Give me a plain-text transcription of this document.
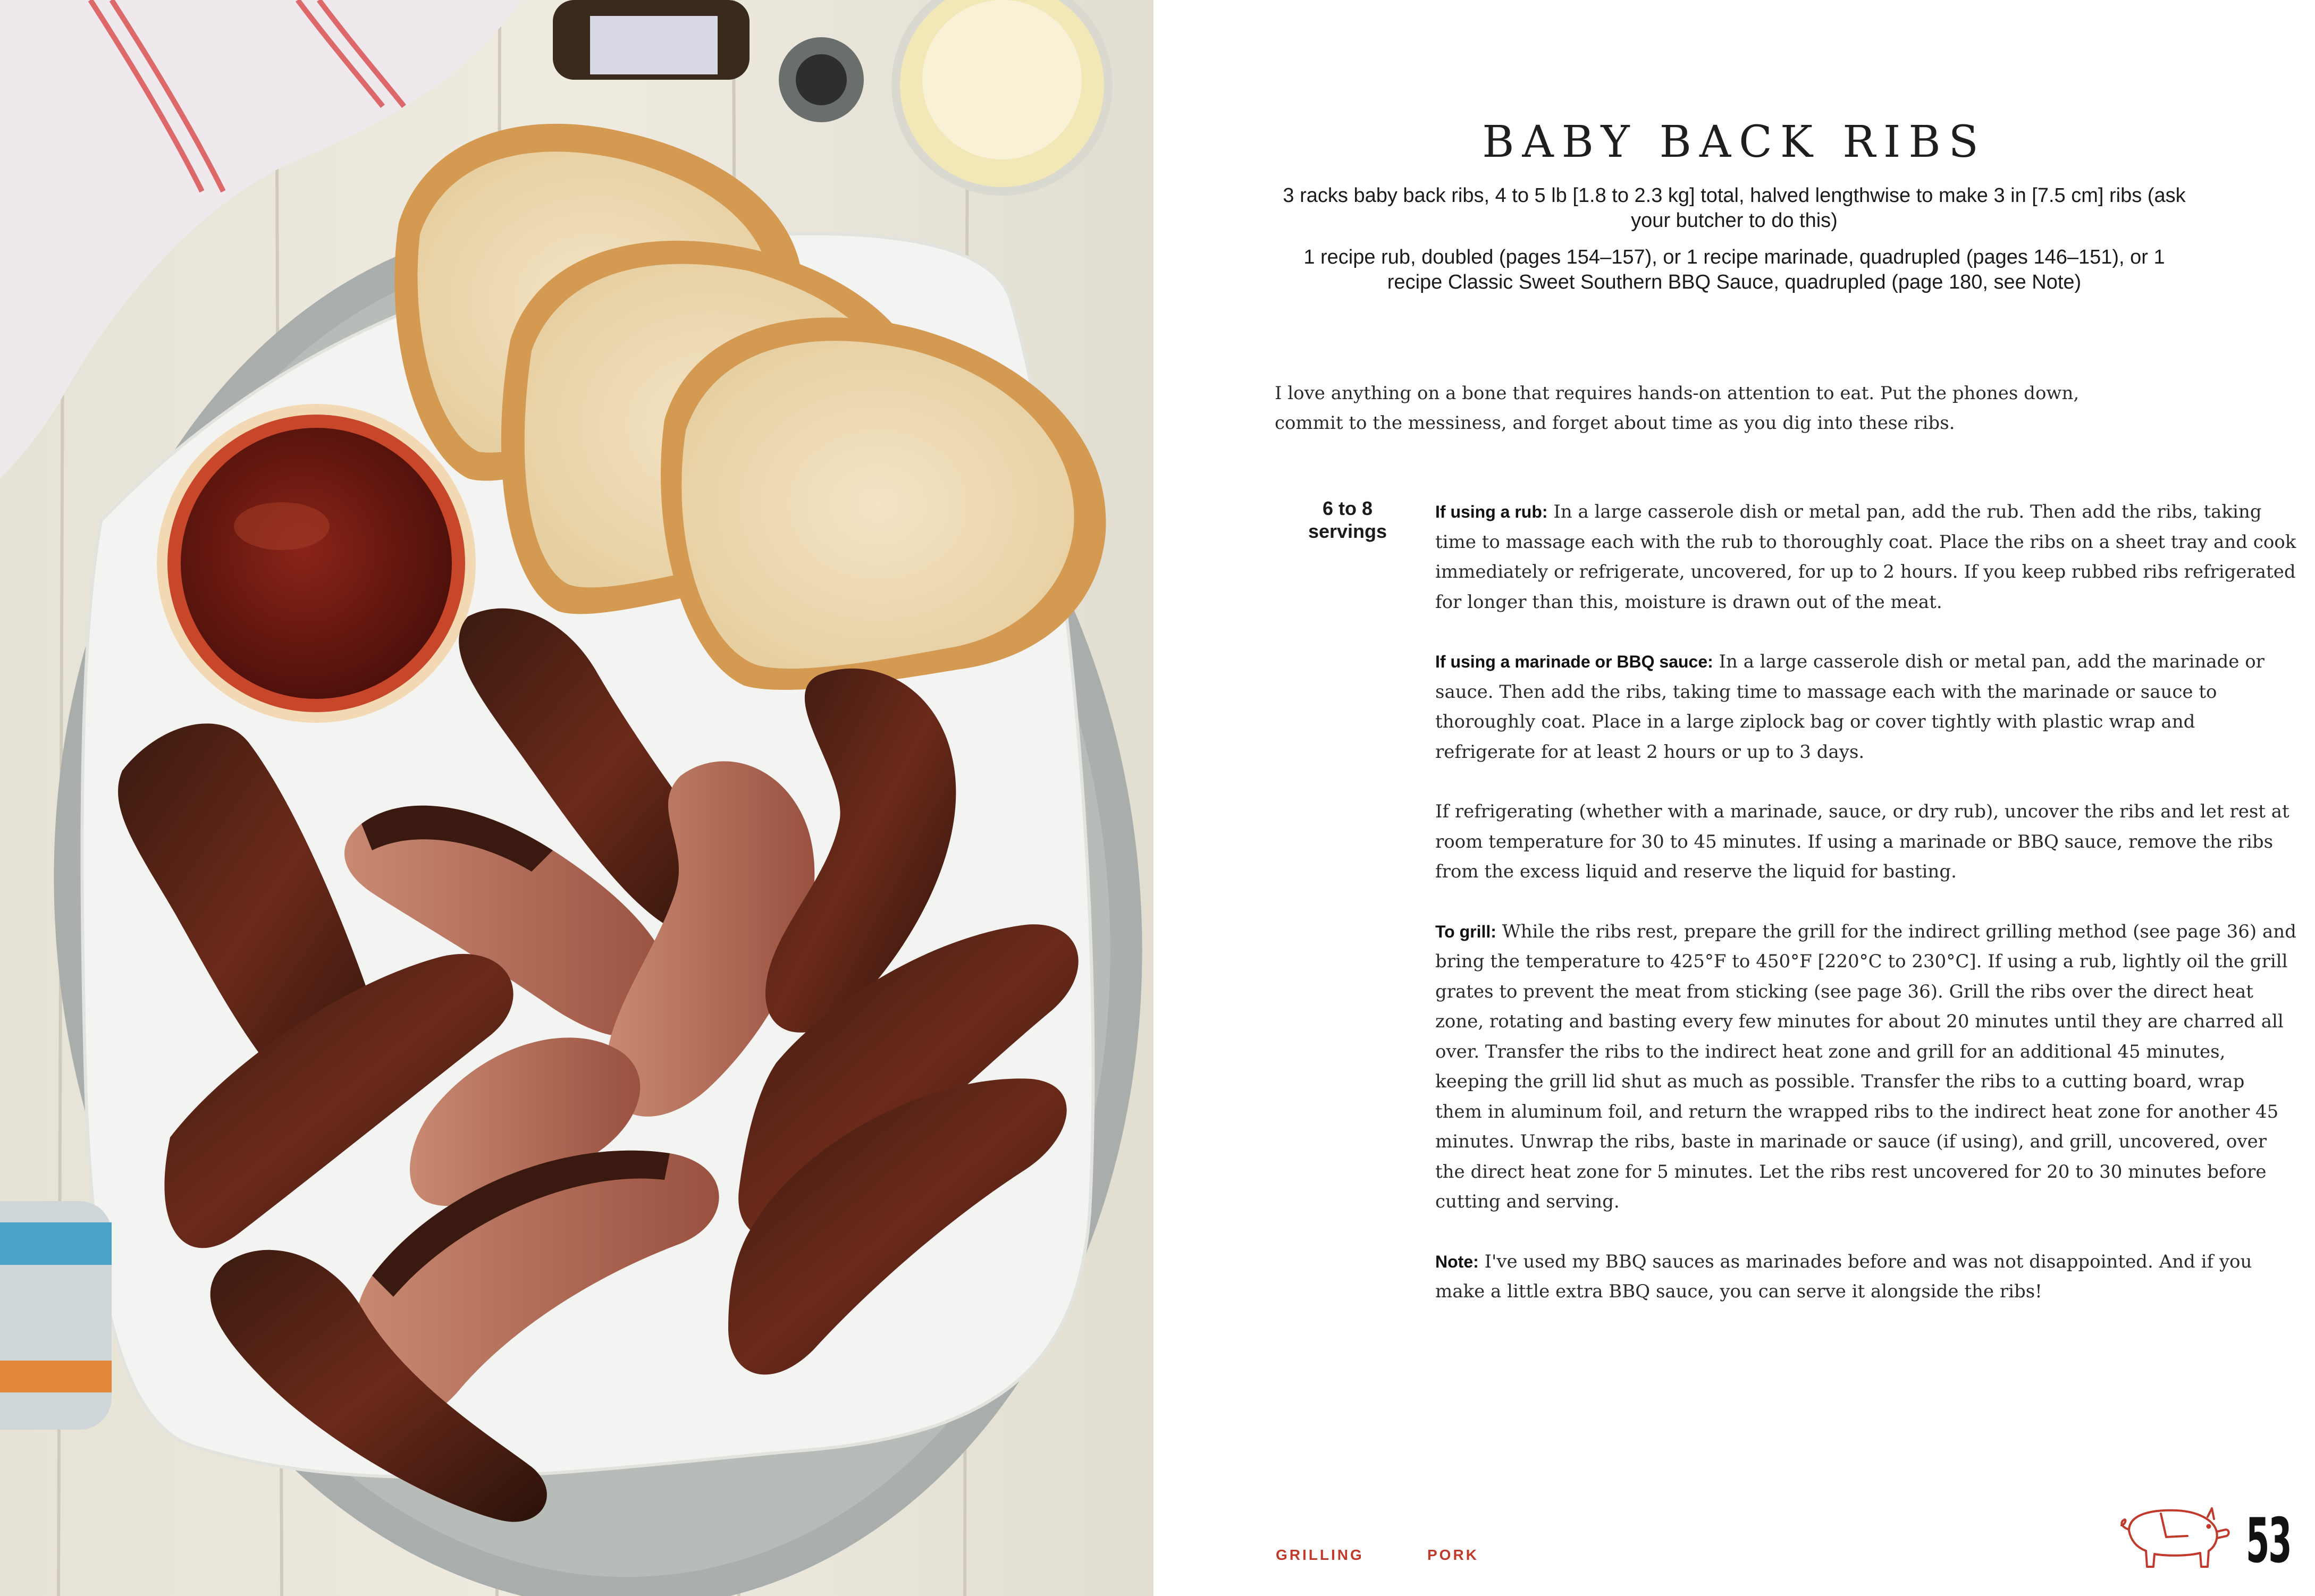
BABY BACK RIBS

3 racks baby back ribs, 4 to 5 lb [1.8 to 2.3 kg] total, halved lengthwise to make 3 in [7.5 cm] ribs (ask your butcher to do this)

1 recipe rub, doubled (pages 154–157), or 1 recipe marinade, quadrupled (pages 146–151), or 1 recipe Classic Sweet Southern BBQ Sauce, quadrupled (page 180, see Note)

I love anything on a bone that requires hands-on attention to eat. Put the phones down, commit to the messiness, and forget about time as you dig into these ribs.

6 to 8
servings

If using a rub: In a large casserole dish or metal pan, add the rub. Then add the ribs, taking time to massage each with the rub to thoroughly coat. Place the ribs on a sheet tray and cook immediately or refrigerate, uncovered, for up to 2 hours. If you keep rubbed ribs refrigerated for longer than this, moisture is drawn out of the meat.

If using a marinade or BBQ sauce: In a large casserole dish or metal pan, add the marinade or sauce. Then add the ribs, taking time to massage each with the marinade or sauce to thoroughly coat. Place in a large ziplock bag or cover tightly with plastic wrap and refrigerate for at least 2 hours or up to 3 days.

If refrigerating (whether with a marinade, sauce, or dry rub), uncover the ribs and let rest at room temperature for 30 to 45 minutes. If using a marinade or BBQ sauce, remove the ribs from the excess liquid and reserve the liquid for basting.

To grill: While the ribs rest, prepare the grill for the indirect grilling method (see page 36) and bring the temperature to 425°F to 450°F [220°C to 230°C]. If using a rub, lightly oil the grill grates to prevent the meat from sticking (see page 36). Grill the ribs over the direct heat zone, rotating and basting every few minutes for about 20 minutes until they are charred all over. Transfer the ribs to the indirect heat zone and grill for an additional 45 minutes, keeping the grill lid shut as much as possible. Transfer the ribs to a cutting board, wrap them in aluminum foil, and return the wrapped ribs to the indirect heat zone for another 45 minutes. Unwrap the ribs, baste in marinade or sauce (if using), and grill, uncovered, over the direct heat zone for 5 minutes. Let the ribs rest uncovered for 20 to 30 minutes before cutting and serving.

Note: I've used my BBQ sauces as marinades before and was not disappointed. And if you make a little extra BBQ sauce, you can serve it alongside the ribs!

GRILLING	PORK	53
